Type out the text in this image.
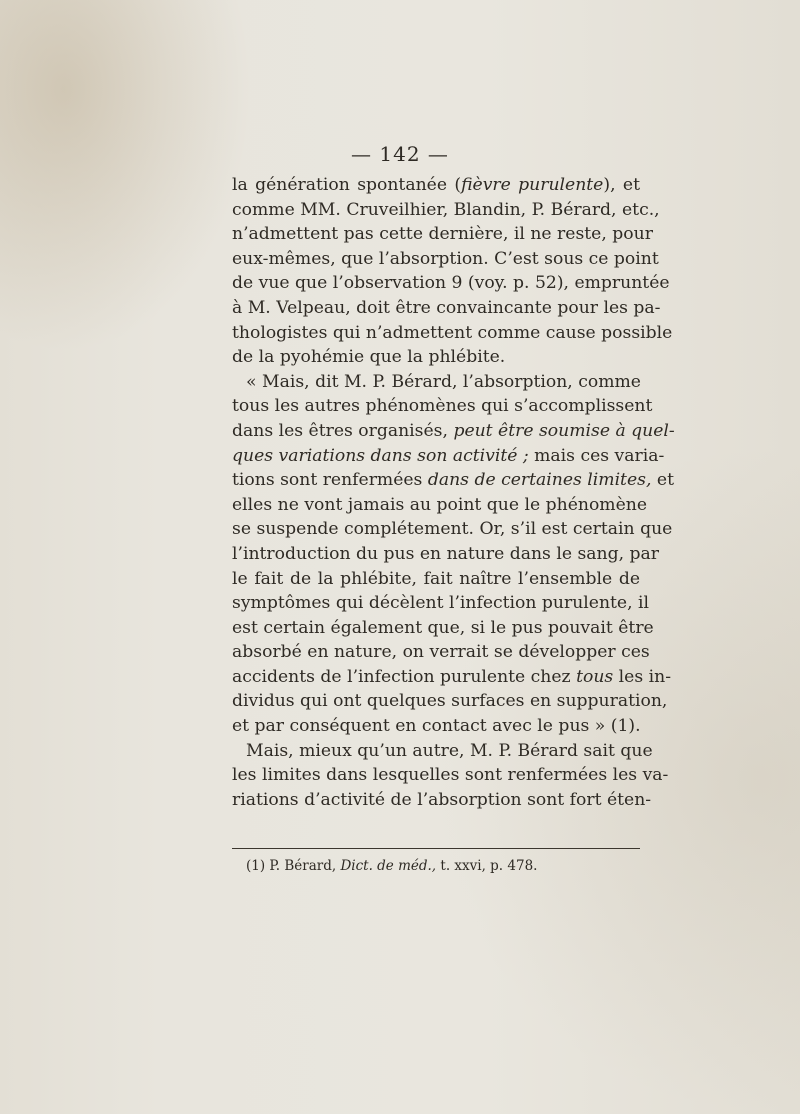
— 142 —
la génération spontanée (fièvre purulente), et
comme MM. Cruveilhier, Blandin, P. Bérard, etc.,
n’admettent pas cette dernière, il ne reste, pour
eux-mêmes, que l’absorption. C’est sous ce point
de vue que l’observation 9 (voy. p. 52), empruntée
à M. Velpeau, doit être convaincante pour les pa-
thologistes qui n’admettent comme cause possible
de la pyohémie que la phlébite.
« Mais, dit M. P. Bérard, l’absorption, comme
tous les autres phénomènes qui s’accomplissent
dans les êtres organisés, peut être soumise à quel-
ques variations dans son activité ; mais ces varia-
tions sont renfermées dans de certaines limites, et
elles ne vont jamais au point que le phénomène
se suspende complétement. Or, s’il est certain que
l’introduction du pus en nature dans le sang, par
le fait de la phlébite, fait naître l’ensemble de
symptômes qui décèlent l’infection purulente, il
est certain également que, si le pus pouvait être
absorbé en nature, on verrait se développer ces
accidents de l’infection purulente chez tous les in-
dividus qui ont quelques surfaces en suppuration,
et par conséquent en contact avec le pus » (1).
Mais, mieux qu’un autre, M. P. Bérard sait que
les limites dans lesquelles sont renfermées les va-
riations d’activité de l’absorption sont fort éten-
(1) P. Bérard, Dict. de méd., t. xxvi, p. 478.
